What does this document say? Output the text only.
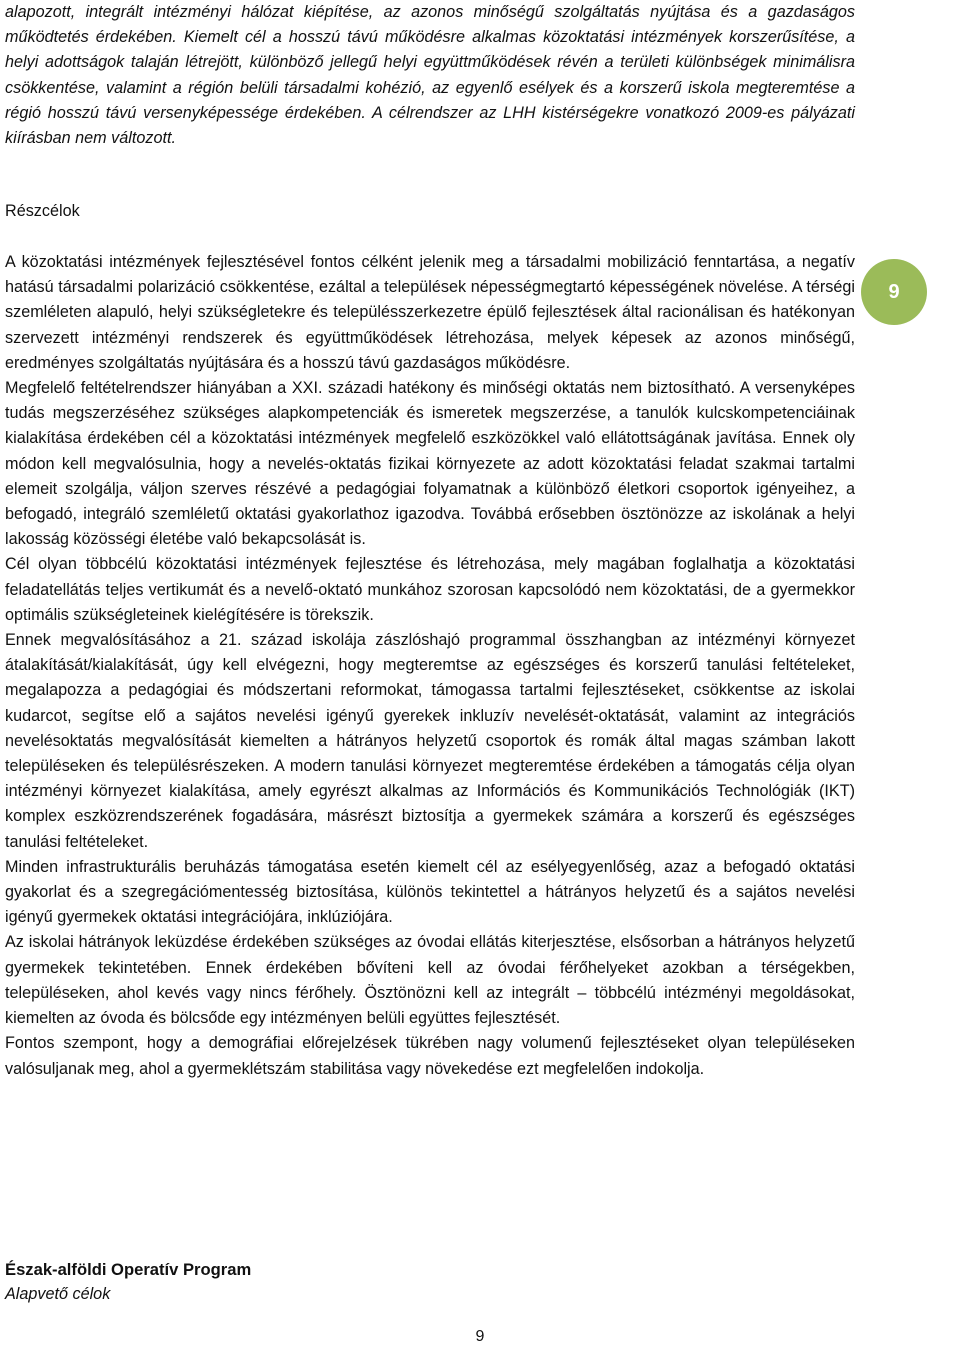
alapozott, integrált intézményi hálózat kiépítése, az azonos minőségű szolgáltatás nyújtása és a gazdaságos működtetés érdekében. Kiemelt cél a hosszú távú működésre alkalmas közoktatási intézmények korszerűsítése, a helyi adottságok talaján létrejött, különböző jellegű helyi együttműködések révén a területi különbségek minimálisra csökkentése, valamint a régión belüli társadalmi kohézió, az egyenlő esélyek és a korszerű iskola megteremtése a régió hosszú távú versenyképessége érdekében. A célrendszer az LHH kistérségekre vonatkozó 2009-es pályázati kiírásban nem változott.

Részcélok

A közoktatási intézmények fejlesztésével fontos célként jelenik meg a társadalmi mobilizáció fenntartása, a negatív hatású társadalmi polarizáció csökkentése, ezáltal a települések népességmegtartó képességének növelése. A térségi szemléleten alapuló, helyi szükségletekre és településszerkezetre épülő fejlesztések által racionálisan és hatékonyan szervezett intézményi rendszerek és együttműködések létrehozása, melyek képesek az azonos minőségű, eredményes szolgáltatás nyújtására és a hosszú távú gazdaságos működésre.

Megfelelő feltételrendszer hiányában a XXI. századi hatékony és minőségi oktatás nem biztosítható. A versenyképes tudás megszerzéséhez szükséges alapkompetenciák és ismeretek megszerzése, a tanulók kulcskompetenciáinak kialakítása érdekében cél a közoktatási intézmények megfelelő eszközökkel való ellátottságának javítása. Ennek oly módon kell megvalósulnia, hogy a nevelés-oktatás fizikai környezete az adott közoktatási feladat szakmai tartalmi elemeit szolgálja, váljon szerves részévé a pedagógiai folyamatnak a különböző életkori csoportok igényeihez, a befogadó, integráló szemléletű oktatási gyakorlathoz igazodva. Továbbá erősebben ösztönözze az iskolának a helyi lakosság közösségi életébe való bekapcsolását is.

Cél olyan többcélú közoktatási intézmények fejlesztése és létrehozása, mely magában foglalhatja a közoktatási feladatellátás teljes vertikumát és a nevelő-oktató munkához szorosan kapcsolódó nem közoktatási, de a gyermekkor optimális szükségleteinek kielégítésére is törekszik.

Ennek megvalósításához a 21. század iskolája zászlóshajó programmal összhangban az intézményi környezet átalakítását/kialakítását, úgy kell elvégezni, hogy megteremtse az egészséges és korszerű tanulási feltételeket, megalapozza a pedagógiai és módszertani reformokat, támogassa tartalmi fejlesztéseket, csökkentse az iskolai kudarcot, segítse elő a sajátos nevelési igényű gyerekek inkluzív nevelését-oktatását, valamint az integrációs nevelésoktatás megvalósítását kiemelten a hátrányos helyzetű csoportok és romák által magas számban lakott településeken és településrészeken. A modern tanulási környezet megteremtése érdekében a támogatás célja olyan intézményi környezet kialakítása, amely egyrészt alkalmas az Információs és Kommunikációs Technológiák (IKT) komplex eszközrendszerének fogadására, másrészt biztosítja a gyermekek számára a korszerű és egészséges tanulási feltételeket.

Minden infrastrukturális beruházás támogatása esetén kiemelt cél az esélyegyenlőség, azaz a befogadó oktatási gyakorlat és a szegregációmentesség biztosítása, különös tekintettel a hátrányos helyzetű és a sajátos nevelési igényű gyermekek oktatási integrációjára, inklúziójára.

Az iskolai hátrányok leküzdése érdekében szükséges az óvodai ellátás kiterjesztése, elsősorban a hátrányos helyzetű gyermekek tekintetében. Ennek érdekében bővíteni kell az óvodai férőhelyeket azokban a térségekben, településeken, ahol kevés vagy nincs férőhely. Ösztönözni kell az integrált – többcélú intézményi megoldásokat, kiemelten az óvoda és bölcsőde egy intézményen belüli együttes fejlesztését.

Fontos szempont, hogy a demográfiai előrejelzések tükrében nagy volumenű fejlesztéseket olyan településeken valósuljanak meg, ahol a gyermeklétszám stabilitása vagy növekedése ezt megfelelően indokolja.

9
Észak-alföldi Operatív Program
Alapvető célok
9
